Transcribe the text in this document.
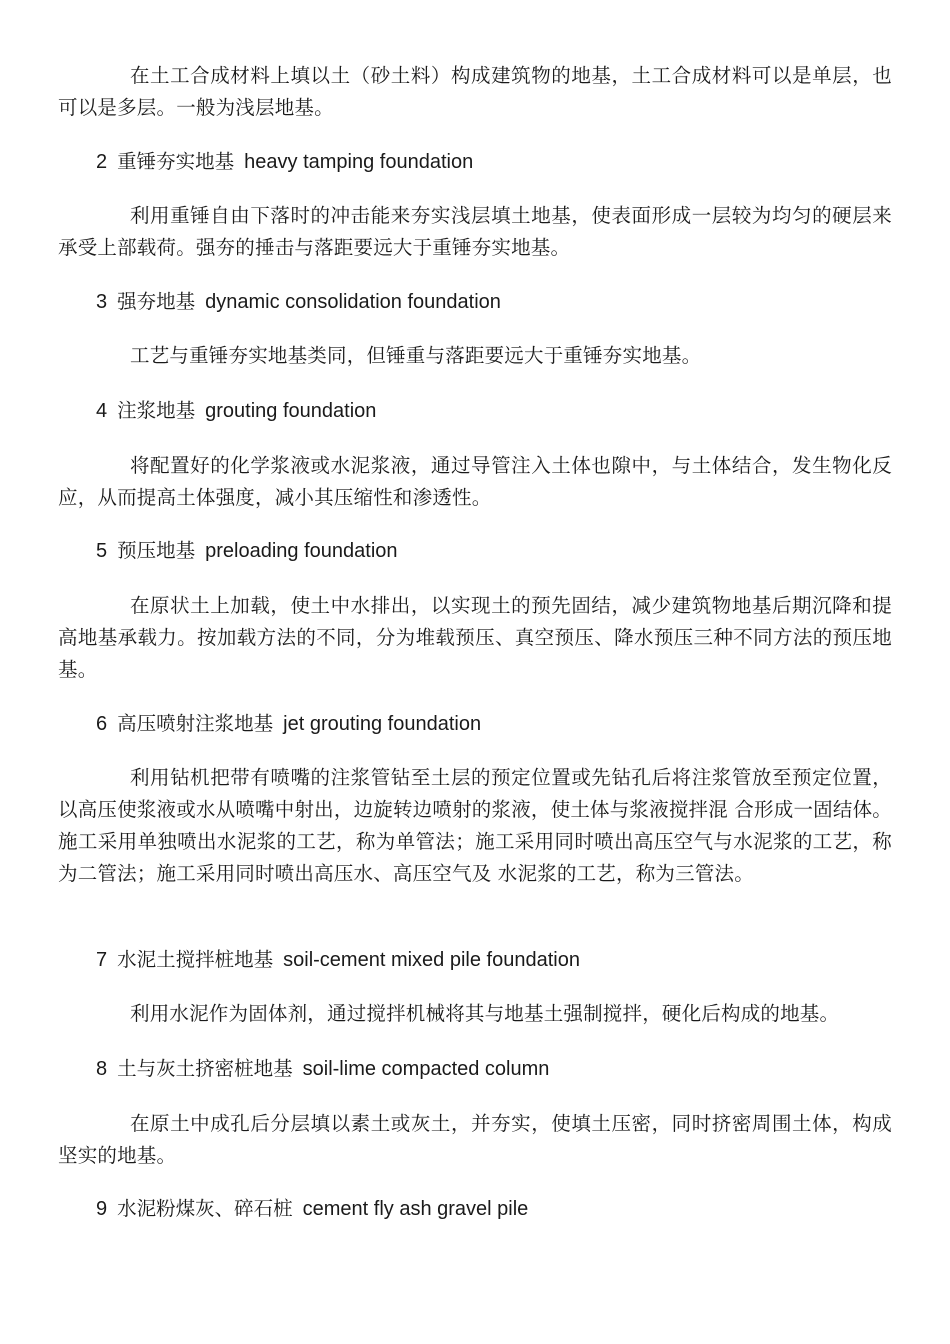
在土工合成材料上填以土（砂土料）构成建筑物的地基，土工合成材料可以是单层，也可以是多层。一般为浅层地基。

2 重锤夯实地基 heavy tamping foundation

利用重锤自由下落时的冲击能来夯实浅层填土地基，使表面形成一层较为均匀的硬层来承受上部载荷。强夯的捶击与落距要远大于重锤夯实地基。

3 强夯地基 dynamic consolidation foundation

工艺与重锤夯实地基类同，但锤重与落距要远大于重锤夯实地基。

4 注浆地基 grouting foundation

将配置好的化学浆液或水泥浆液，通过导管注入土体也隙中，与土体结合，发生物化反应，从而提高土体强度，减小其压缩性和渗透性。

5 预压地基 preloading foundation

在原状土上加载，使土中水排出，以实现土的预先固结，减少建筑物地基后期沉降和提高地基承载力。按加载方法的不同，分为堆载预压、真空预压、降水预压三种不同方法的预压地基。

6 高压喷射注浆地基 jet grouting foundation

利用钻机把带有喷嘴的注浆管钻至土层的预定位置或先钻孔后将注浆管放至预定位置，以高压使浆液或水从喷嘴中射出，边旋转边喷射的浆液，使土体与浆液搅拌混 合形成一固结体。施工采用单独喷出水泥浆的工艺，称为单管法；施工采用同时喷出高压空气与水泥浆的工艺，称为二管法；施工采用同时喷出高压水、高压空气及 水泥浆的工艺，称为三管法。

7 水泥土搅拌桩地基 soil-cement mixed pile foundation

利用水泥作为固体剂，通过搅拌机械将其与地基土强制搅拌，硬化后构成的地基。

8 土与灰土挤密桩地基 soil-lime compacted column

在原土中成孔后分层填以素土或灰土，并夯实，使填土压密，同时挤密周围土体，构成坚实的地基。

9 水泥粉煤灰、碎石桩 cement fly ash gravel pile
